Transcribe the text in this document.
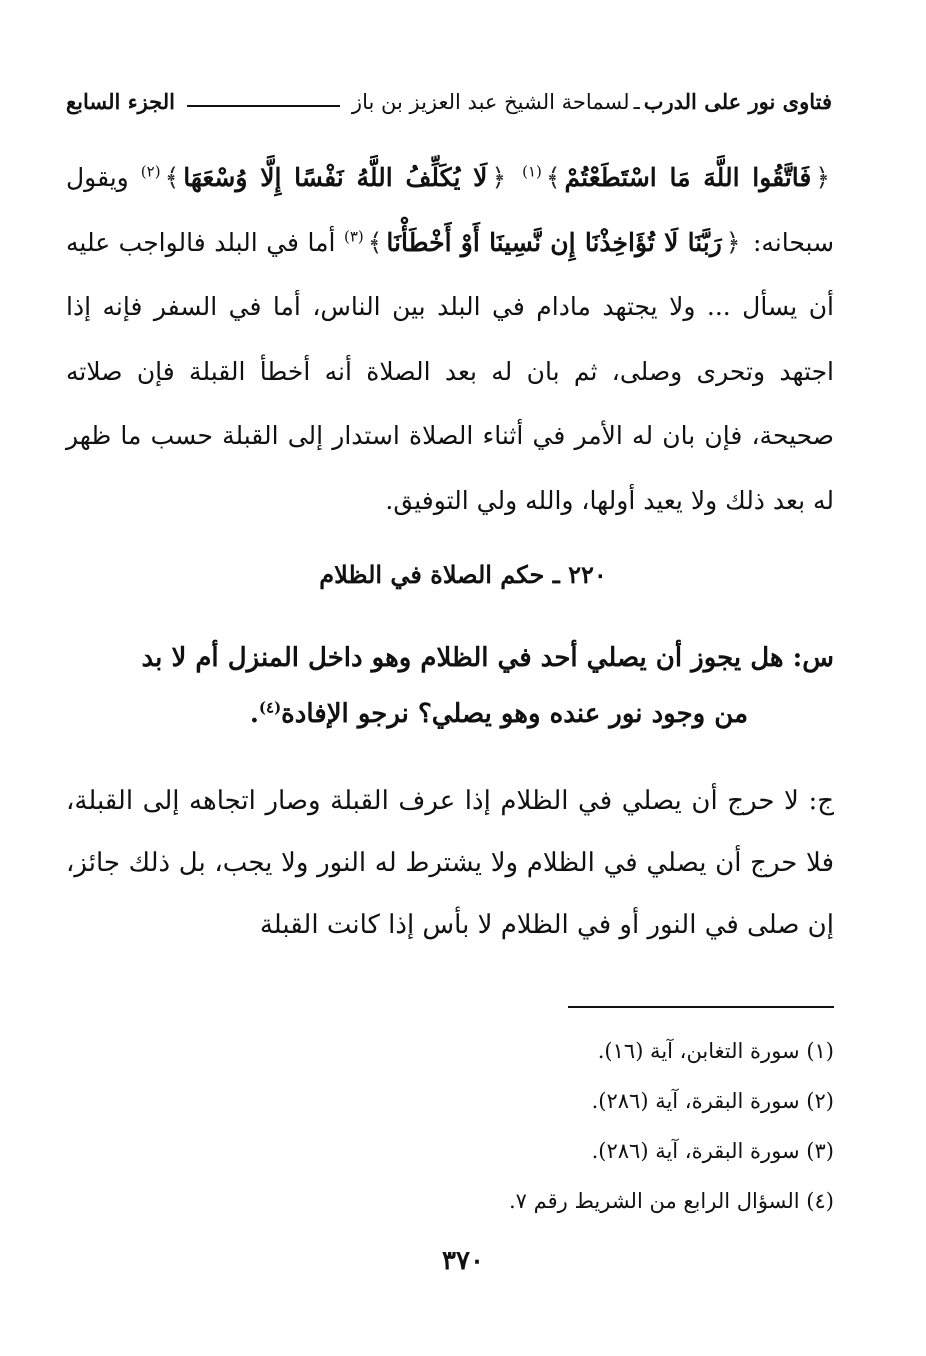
فتاوى نور على الدرب
ـ
لسماحة الشيخ عبد العزيز بن باز
الجزء السابع

﴿فَاتَّقُوا اللَّهَ مَا اسْتَطَعْتُمْ﴾$^{(١)}$ ﴿لَا يُكَلِّفُ اللَّهُ نَفْسًا إِلَّا وُسْعَهَا﴾$^{(٢)}$ ويقول سبحانه: ﴿رَبَّنَا لَا تُؤَاخِذْنَا إِن نَّسِينَا أَوْ أَخْطَأْنَا﴾$^{(٣)}$ أما في البلد فالواجب عليه أن يسأل ... ولا يجتهد مادام في البلد بين الناس، أما في السفر فإنه إذا اجتهد وتحرى وصلى، ثم بان له بعد الصلاة أنه أخطأ القبلة فإن صلاته صحيحة، فإن بان له الأمر في أثناء الصلاة استدار إلى القبلة حسب ما ظهر له بعد ذلك ولا يعيد أولها، والله ولي التوفيق.

٢٢٠ ـ حكم الصلاة في الظلام

س: هل يجوز أن يصلي أحد في الظلام وهو داخل المنزل أم لا بد

من وجود نور عنده وهو يصلي؟ نرجو الإفادة$^{(٤)}$.

ج: لا حرج أن يصلي في الظلام إذا عرف القبلة وصار اتجاهه إلى القبلة، فلا حرج أن يصلي في الظلام ولا يشترط له النور ولا يجب، بل ذلك جائز، إن صلى في النور أو في الظلام لا بأس إذا كانت القبلة

(١) سورة التغابن، آية (١٦).
(٢) سورة البقرة، آية (٢٨٦).
(٣) سورة البقرة، آية (٢٨٦).
(٤) السؤال الرابع من الشريط رقم ٧.
٣٧٠
